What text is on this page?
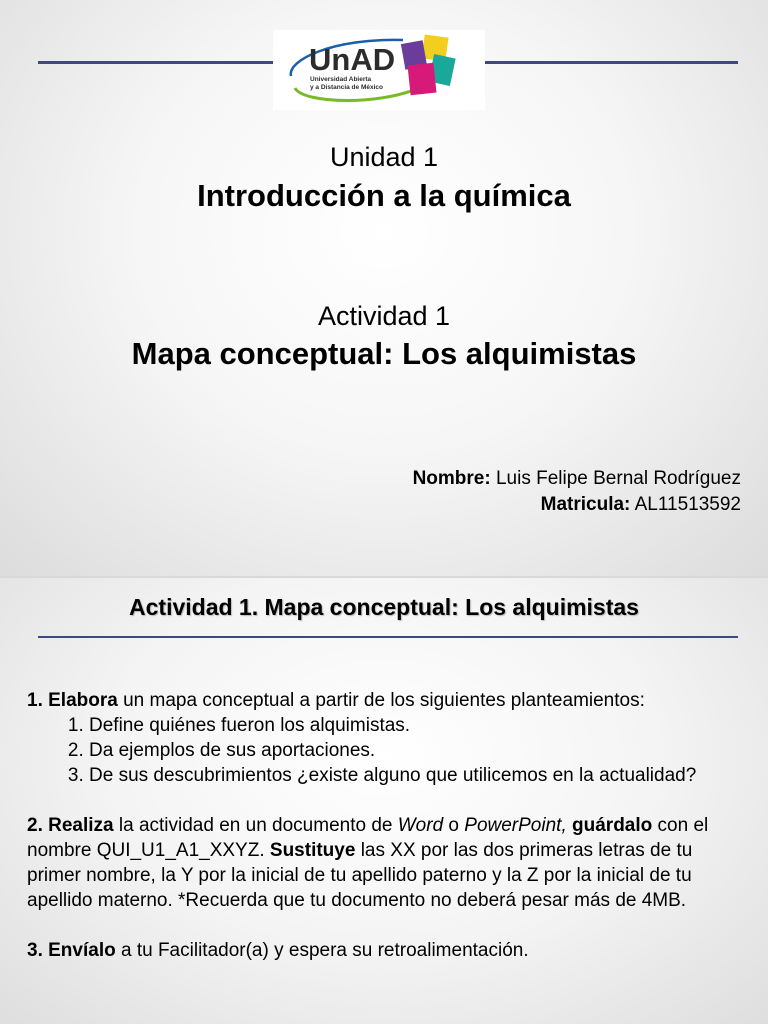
UnAD
Universidad Abierta
y a Distancia de México
Unidad 1
Introducción a la química
Actividad 1
Mapa conceptual: Los alquimistas
Nombre: Luis Felipe Bernal Rodríguez
Matricula: AL11513592
Actividad 1. Mapa conceptual: Los alquimistas

1. Elabora un mapa conceptual a partir de los siguientes planteamientos:

1. Define quiénes fueron los alquimistas.
2. Da ejemplos de sus aportaciones.
3. De sus descubrimientos ¿existe alguno que utilicemos en la actualidad?

2. Realiza la actividad en un documento de Word o PowerPoint, guárdalo con el nombre QUI_U1_A1_XXYZ. Sustituye las XX por las dos primeras letras de tu primer nombre, la Y por la inicial de tu apellido paterno y la Z por la inicial de tu apellido materno. *Recuerda que tu documento no deberá pesar más de 4MB.

3. Envíalo a tu Facilitador(a) y espera su retroalimentación.
